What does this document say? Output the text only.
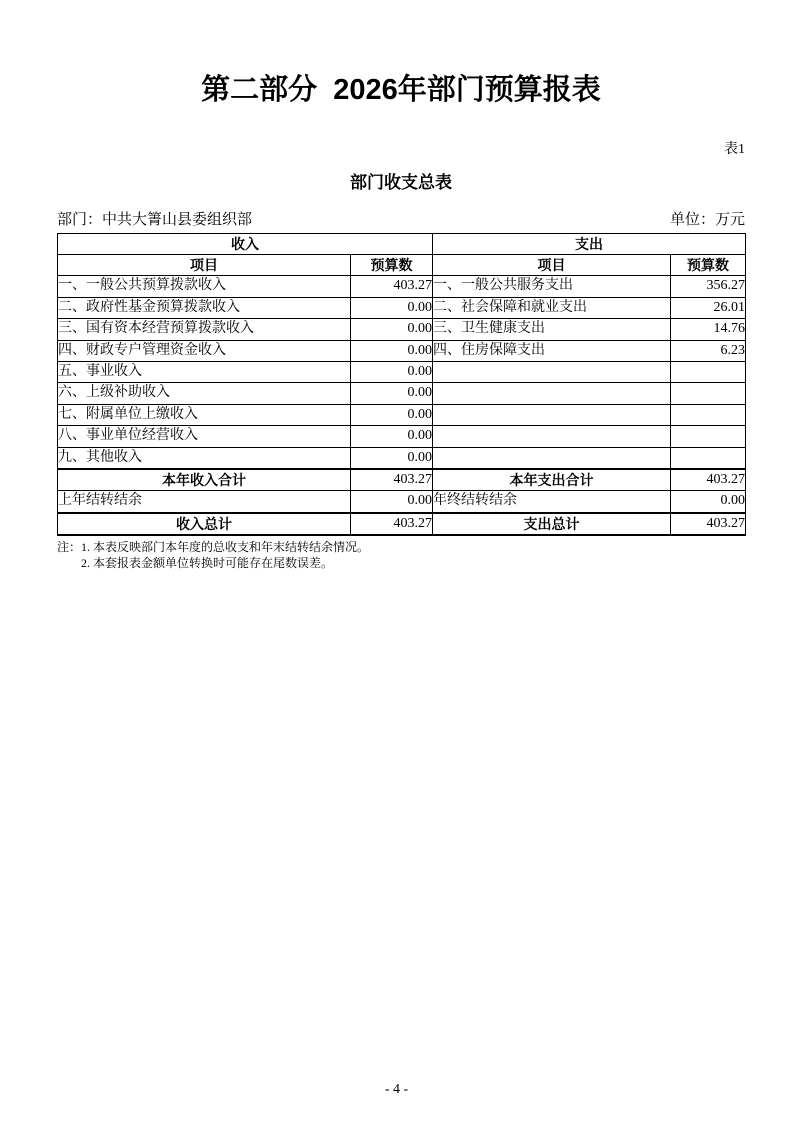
第二部分  2026年部门预算报表
表1
部门收支总表
部门：中共大箐山县委组织部	单位：万元
收入		支出	
项目	预算数	项目	预算数
一、一般公共预算拨款收入	403.27	一、一般公共服务支出	356.27
二、政府性基金预算拨款收入	0.00	二、社会保障和就业支出	26.01
三、国有资本经营预算拨款收入	0.00	三、卫生健康支出	14.76
四、财政专户管理资金收入	0.00	四、住房保障支出	6.23
五、事业收入	0.00		
六、上级补助收入	0.00		
七、附属单位上缴收入	0.00		
八、事业单位经营收入	0.00		
九、其他收入	0.00		
本年收入合计	403.27	本年支出合计	403.27
上年结转结余	0.00	年终结转结余	0.00
收入总计	403.27	支出总计	403.27
注： 1. 本表反映部门本年度的总收支和年末结转结余情况。
2. 本套报表金额单位转换时可能存在尾数误差。
- 4 -
